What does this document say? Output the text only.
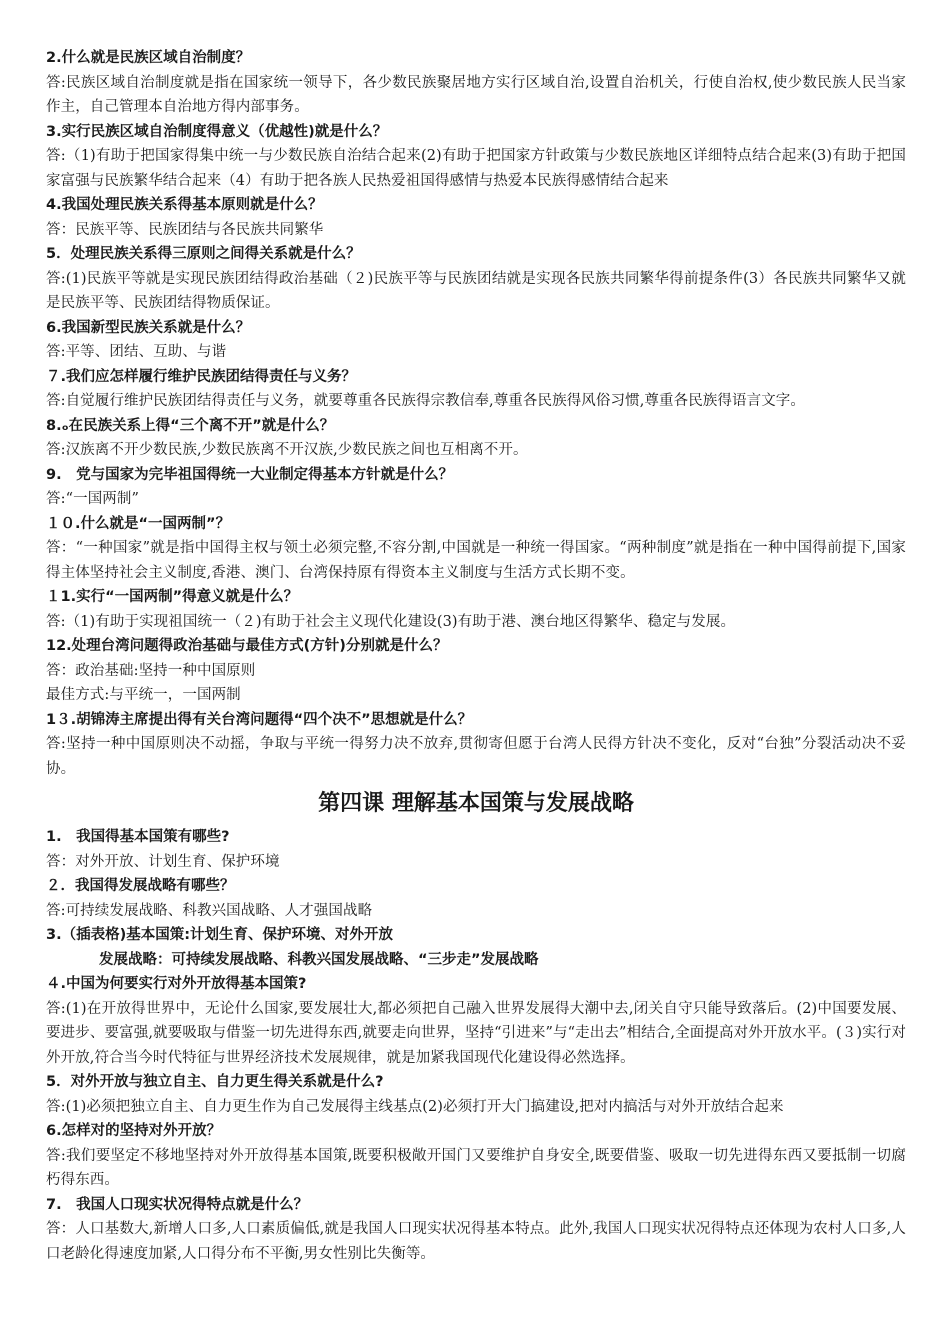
2.什么就是民族区域自治制度？

答:民族区域自治制度就是指在国家统一领导下，各少数民族聚居地方实行区域自治,设置自治机关，行使自治权,使少数民族人民当家作主，自己管理本自治地方得内部事务。

3.实行民族区域自治制度得意义（优越性)就是什么？

答:（1)有助于把国家得集中统一与少数民族自治结合起来(2)有助于把国家方针政策与少数民族地区详细特点结合起来(3)有助于把国家富强与民族繁华结合起来（4）有助于把各族人民热爱祖国得感情与热爱本民族得感情结合起来

4.我国处理民族关系得基本原则就是什么？

答：民族平等、民族团结与各民族共同繁华

5．处理民族关系得三原则之间得关系就是什么？

答:(1)民族平等就是实现民族团结得政治基础（２)民族平等与民族团结就是实现各民族共同繁华得前提条件(3）各民族共同繁华又就是民族平等、民族团结得物质保证。

6.我国新型民族关系就是什么？

答:平等、团结、互助、与谐

７.我们应怎样履行维护民族团结得责任与义务？

答:自觉履行维护民族团结得责任与义务，就要尊重各民族得宗教信奉,尊重各民族得风俗习惯,尊重各民族得语言文字。

8.ₒ在民族关系上得“三个离不开”就是什么？

答:汉族离不开少数民族,少数民族离不开汉族,少数民族之间也互相离不开。

9.　党与国家为完毕祖国得统一大业制定得基本方针就是什么？

答:“一国两制”

１０.什么就是“一国两制”？

答：“一种国家”就是指中国得主权与领土必须完整,不容分割,中国就是一种统一得国家。“两种制度”就是指在一种中国得前提下,国家得主体坚持社会主义制度,香港、澳门、台湾保持原有得资本主义制度与生活方式长期不变。

１1.实行“一国两制”得意义就是什么？

答:（1)有助于实现祖国统一（２)有助于社会主义现代化建设(3)有助于港、澳台地区得繁华、稳定与发展。

12.处理台湾问题得政治基础与最佳方式(方针)分别就是什么？

答：政治基础:坚持一种中国原则

最佳方式:与平统一，一国两制

1３.胡锦涛主席提出得有关台湾问题得“四个决不”思想就是什么？

答:坚持一种中国原则决不动摇，争取与平统一得努力决不放弃,贯彻寄但愿于台湾人民得方针决不变化，反对“台独”分裂活动决不妥协。

第四课 理解基本国策与发展战略

1.　我国得基本国策有哪些?

答：对外开放、计划生育、保护环境

２．我国得发展战略有哪些？

答:可持续发展战略、科教兴国战略、人才强国战略

3.（插表格)基本国策:计划生育、保护环境、对外开放

发展战略：可持续发展战略、科教兴国发展战略、“三步走”发展战略

４.中国为何要实行对外开放得基本国策?

答:(1)在开放得世界中，无论什么国家,要发展壮大,都必须把自己融入世界发展得大潮中去,闭关自守只能导致落后。(2)中国要发展、要进步、要富强,就要吸取与借鉴一切先进得东西,就要走向世界，坚持“引进来”与“走出去”相结合,全面提高对外开放水平。(３)实行对外开放,符合当今时代特征与世界经济技术发展规律，就是加紧我国现代化建设得必然选择。

5．对外开放与独立自主、自力更生得关系就是什么?

答:(1)必须把独立自主、自力更生作为自己发展得主线基点(2)必须打开大门搞建设,把对内搞活与对外开放结合起来

6.怎样对的坚持对外开放？

答:我们要坚定不移地坚持对外开放得基本国策,既要积极敞开国门又要维护自身安全,既要借鉴、吸取一切先进得东西又要抵制一切腐朽得东西。

7.　我国人口现实状况得特点就是什么？

答：人口基数大,新增人口多,人口素质偏低,就是我国人口现实状况得基本特点。此外,我国人口现实状况得特点还体现为农村人口多,人口老龄化得速度加紧,人口得分布不平衡,男女性别比失衡等。
